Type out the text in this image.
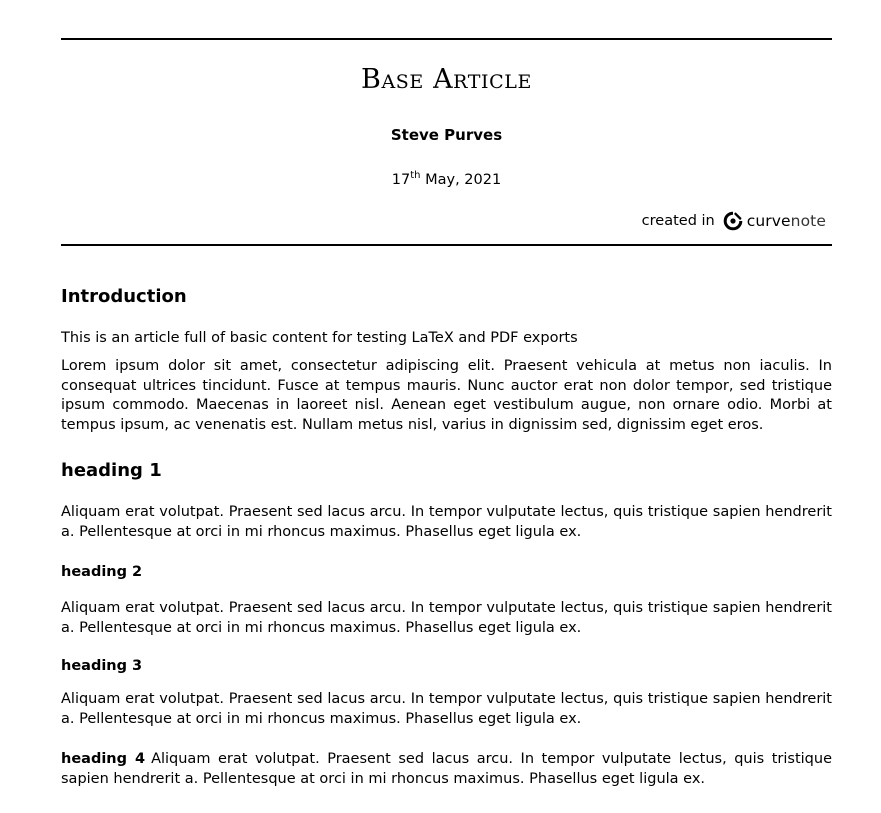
Base Article
Steve Purves
17th May, 2021
created in curvenote
Introduction
This is an article full of basic content for testing LaTeX and PDF exports
Lorem ipsum dolor sit amet, consectetur adipiscing elit. Praesent vehicula at metus non iaculis. In consequat ultrices tincidunt. Fusce at tempus mauris. Nunc auctor erat non dolor tempor, sed tristique ipsum commodo. Maecenas in laoreet nisl. Aenean eget vestibulum augue, non ornare odio. Morbi at tempus ipsum, ac venenatis est. Nullam metus nisl, varius in dignissim sed, dignissim eget eros.
heading 1
Aliquam erat volutpat. Praesent sed lacus arcu. In tempor vulputate lectus, quis tristique sapien hendrerit a. Pellentesque at orci in mi rhoncus maximus. Phasellus eget ligula ex.
heading 2
Aliquam erat volutpat. Praesent sed lacus arcu. In tempor vulputate lectus, quis tristique sapien hendrerit a. Pellentesque at orci in mi rhoncus maximus. Phasellus eget ligula ex.
heading 3
Aliquam erat volutpat. Praesent sed lacus arcu. In tempor vulputate lectus, quis tristique sapien hendrerit a. Pellentesque at orci in mi rhoncus maximus. Phasellus eget ligula ex.
heading 4 Aliquam erat volutpat. Praesent sed lacus arcu. In tempor vulputate lectus, quis tristique sapien hendrerit a. Pellentesque at orci in mi rhoncus maximus. Phasellus eget ligula ex.
